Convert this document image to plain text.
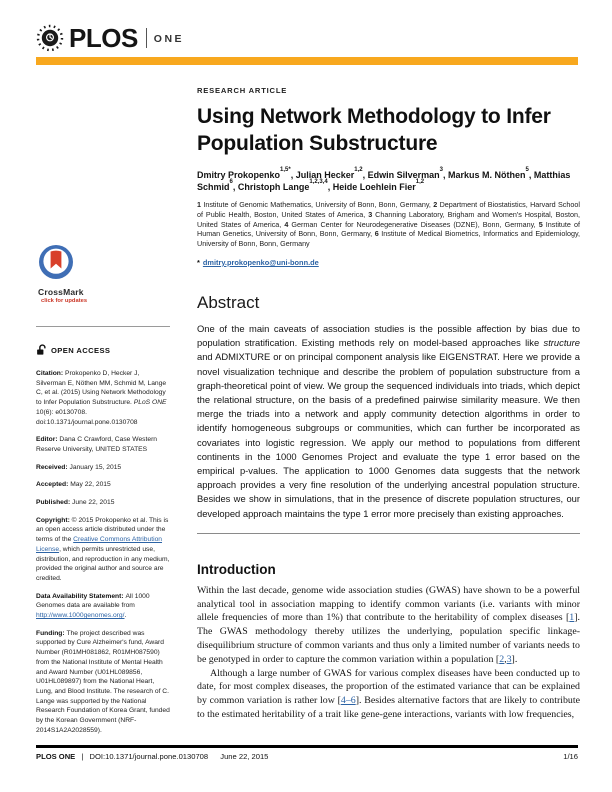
PLOS ONE
CrossMark
click for updates
OPEN ACCESS
Citation: Prokopenko D, Hecker J, Silverman E, Nöthen MM, Schmid M, Lange C, et al. (2015) Using Network Methodology to Infer Population Substructure. PLoS ONE 10(6): e0130708. doi:10.1371/journal.pone.0130708
Editor: Dana C Crawford, Case Western Reserve University, UNITED STATES
Received: January 15, 2015
Accepted: May 22, 2015
Published: June 22, 2015
Copyright: © 2015 Prokopenko et al. This is an open access article distributed under the terms of the Creative Commons Attribution License, which permits unrestricted use, distribution, and reproduction in any medium, provided the original author and source are credited.
Data Availability Statement: All 1000 Genomes data are available from http://www.1000genomes.org/.
Funding: The project described was supported by Cure Alzheimer's fund, Award Number (R01MH081862, R01MH087590) from the National Institute of Mental Health and Award Number (U01HL089856, U01HL089897) from the National Heart, Lung, and Blood Institute. The research of C. Lange was supported by the National Research Foundation of Korea Grant, funded by the Korean Government (NRF-2014S1A2A2028559).
RESEARCH ARTICLE
Using Network Methodology to Infer Population Substructure
Dmitry Prokopenko$^{1,5*}$, Julian Hecker$^{1,2}$, Edwin Silverman$^3$, Markus M. Nöthen$^5$, Matthias Schmid$^6$, Christoph Lange$^{1,2,3,4}$, Heide Loehlein Fier$^{1,2}$
1 Institute of Genomic Mathematics, University of Bonn, Bonn, Germany, 2 Department of Biostatistics, Harvard School of Public Health, Boston, United States of America, 3 Channing Laboratory, Brigham and Women's Hospital, Boston, United States of America, 4 German Center for Neurodegenerative Diseases (DZNE), Bonn, Germany, 5 Institute of Human Genetics, University of Bonn, Bonn, Germany, 6 Institute of Medical Biometrics, Informatics and Epidemiology, University of Bonn, Bonn, Germany
* dmitry.prokopenko@uni-bonn.de
Abstract
One of the main caveats of association studies is the possible affection by bias due to population stratification. Existing methods rely on model-based approaches like structure and ADMIXTURE or on principal component analysis like EIGENSTRAT. Here we provide a novel visualization technique and describe the problem of population substructure from a graph-theoretical point of view. We group the sequenced individuals into triads, which depict the relational structure, on the basis of a predefined pairwise similarity measure. We then merge the triads into a network and apply community detection algorithms in order to identify homogeneous subgroups or communities, which can further be incorporated as covariates into logistic regression. We apply our method to populations from different continents in the 1000 Genomes Project and evaluate the type 1 error based on the empirical p-values. The application to 1000 Genomes data suggests that the network approach provides a very fine resolution of the underlying ancestral population structure. Besides we show in simulations, that in the presence of discrete population structures, our developed approach maintains the type 1 error more precisely than existing approaches.
Introduction
Within the last decade, genome wide association studies (GWAS) have shown to be a powerful analytical tool in association mapping to identify common variants (i.e. variants with minor allele frequencies of more than 1%) that contribute to the heritability of complex diseases [1]. The GWAS methodology thereby utilizes the underlying, population specific linkage-disequilibrium structure of common variants and thus only a limited number of variants needs to be genotyped in order to capture the common variation within a population [2,3].
Although a large number of GWAS for various complex diseases have been conducted up to date, for most complex diseases, the proportion of the estimated variance that can be explained by common variation is rather low [4–6]. Besides alternative factors that are likely to contribute to the estimated heritability of a trait like gene-gene interactions, variants with low frequencies,
PLOS ONE | DOI:10.1371/journal.pone.0130708 June 22, 2015	1/16
